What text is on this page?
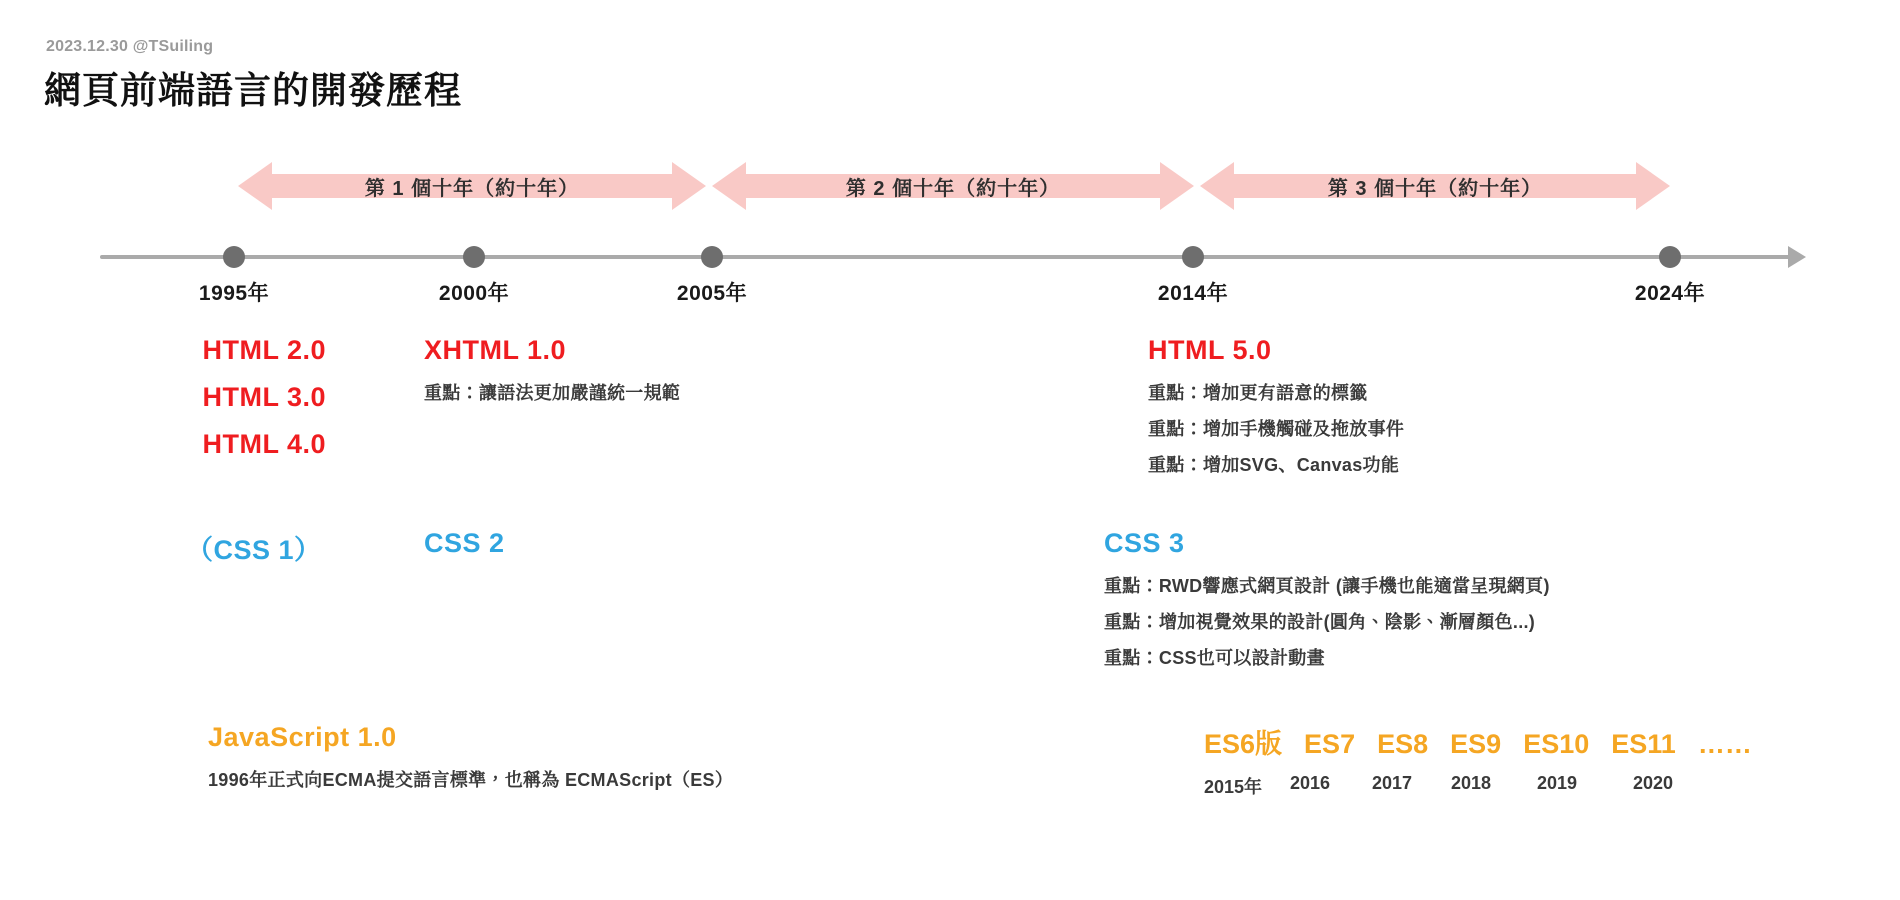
2023.12.30 @TSuiling
網頁前端語言的開發歷程
第 1 個十年（約十年）	第 2 個十年（約十年）	第 3 個十年（約十年）
1995年	2000年	2005年	2014年	2024年
HTML 2.0
HTML 3.0
HTML 4.0
XHTML 1.0
重點：讓語法更加嚴謹統一規範
HTML 5.0
重點：增加更有語意的標籤
重點：增加手機觸碰及拖放事件
重點：增加SVG、Canvas功能
（CSS 1）	CSS 2	CSS 3
重點：RWD響應式網頁設計 (讓手機也能適當呈現網頁)
重點：增加視覺效果的設計(圓角、陰影、漸層顏色...)
重點：CSS也可以設計動畫
JavaScript 1.0
1996年正式向ECMA提交語言標準，也稱為 ECMAScript（ES）
ES6版 ES7 ES8 ES9 ES10 ES11 ……
2015年	2016	2017	2018	2019	2020
